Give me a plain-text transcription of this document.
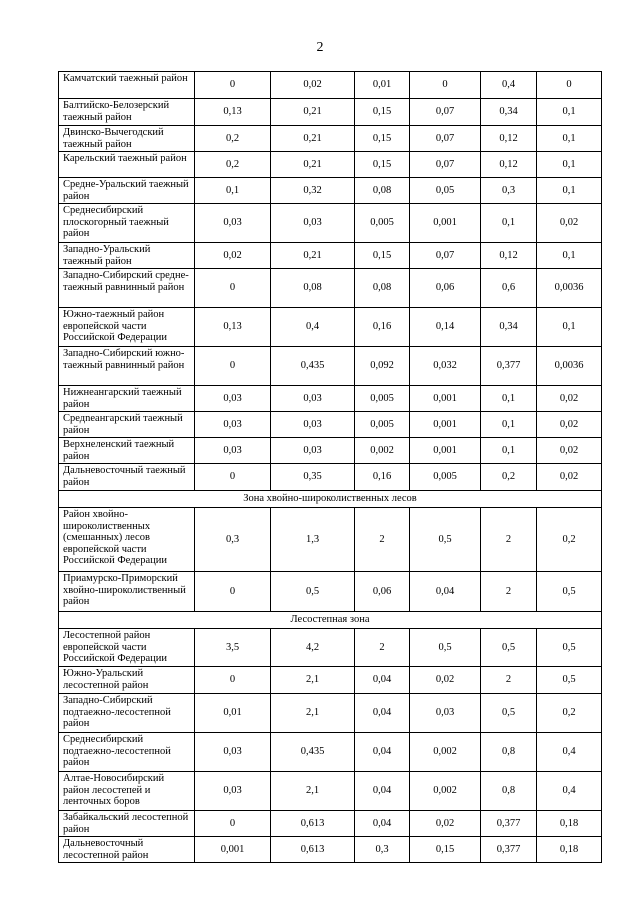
2
Камчатский таежный район	0	0,02	0,01	0	0,4	0
Балтийско-Белозерский таежный район	0,13	0,21	0,15	0,07	0,34	0,1
Двинско-Вычегодский таежный район	0,2	0,21	0,15	0,07	0,12	0,1
Карельский таежный район	0,2	0,21	0,15	0,07	0,12	0,1
Средне-Уральский таежный район	0,1	0,32	0,08	0,05	0,3	0,1
Среднесибирский плоскогорный таежный район	0,03	0,03	0,005	0,001	0,1	0,02
Западно-Уральский таежный район	0,02	0,21	0,15	0,07	0,12	0,1
Западно-Сибирский средне-таежный равнинный район	0	0,08	0,08	0,06	0,6	0,0036
Южно-таежный район европейской части Российской Федерации	0,13	0,4	0,16	0,14	0,34	0,1
Западно-Сибирский южно-таежный равнинный район	0	0,435	0,092	0,032	0,377	0,0036
Нижнеангарский таежный район	0,03	0,03	0,005	0,001	0,1	0,02
Средneангарский таежный район	0,03	0,03	0,005	0,001	0,1	0,02
Верхнеленский таежный район	0,03	0,03	0,002	0,001	0,1	0,02
Дальневосточный таежный район	0	0,35	0,16	0,005	0,2	0,02
Зона хвойно-широколиственных лесов						
Район хвойно-широколиственных (смешанных) лесов европейской части Российской Федерации	0,3	1,3	2	0,5	2	0,2
Приамурско-Приморский хвойно-широколиственный район	0	0,5	0,06	0,04	2	0,5
Лесостепная зона						
Лесостепной район европейской части Российской Федерации	3,5	4,2	2	0,5	0,5	0,5
Южно-Уральский лесостепной район	0	2,1	0,04	0,02	2	0,5
Западно-Сибирский подтаежно-лесостепной район	0,01	2,1	0,04	0,03	0,5	0,2
Среднесибирский подтаежно-лесостепной район	0,03	0,435	0,04	0,002	0,8	0,4
Алтае-Новосибирский район лесостепей и ленточных боров	0,03	2,1	0,04	0,002	0,8	0,4
Забайкальский лесостепной район	0	0,613	0,04	0,02	0,377	0,18
Дальневосточный лесостепной район	0,001	0,613	0,3	0,15	0,377	0,18
